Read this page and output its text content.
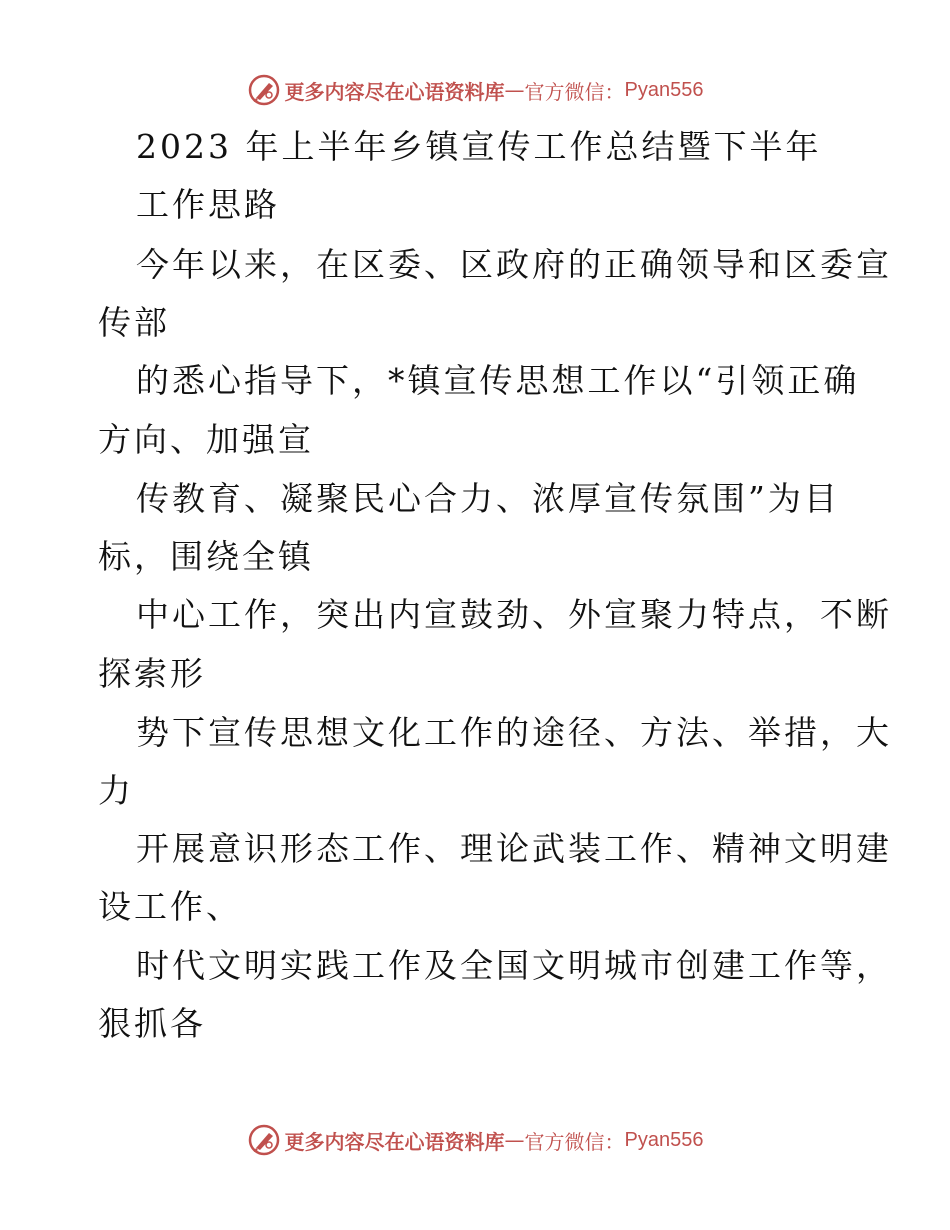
更多内容尽在心语资料库 — 官方微信： Pyan556
2023 年上半年乡镇宣传工作总结暨下半年
工作思路
今年以来，在区委、区政府的正确领导和区委宣
传部
的悉心指导下，*镇宣传思想工作以“引领正确
方向、加强宣
传教育、凝聚民心合力、浓厚宣传氛围”为目
标，围绕全镇
中心工作，突出内宣鼓劲、外宣聚力特点，不断
探索形
势下宣传思想文化工作的途径、方法、举措，大
力
开展意识形态工作、理论武装工作、精神文明建
设工作、
时代文明实践工作及全国文明城市创建工作等，
狠抓各
更多内容尽在心语资料库 — 官方微信： Pyan556
